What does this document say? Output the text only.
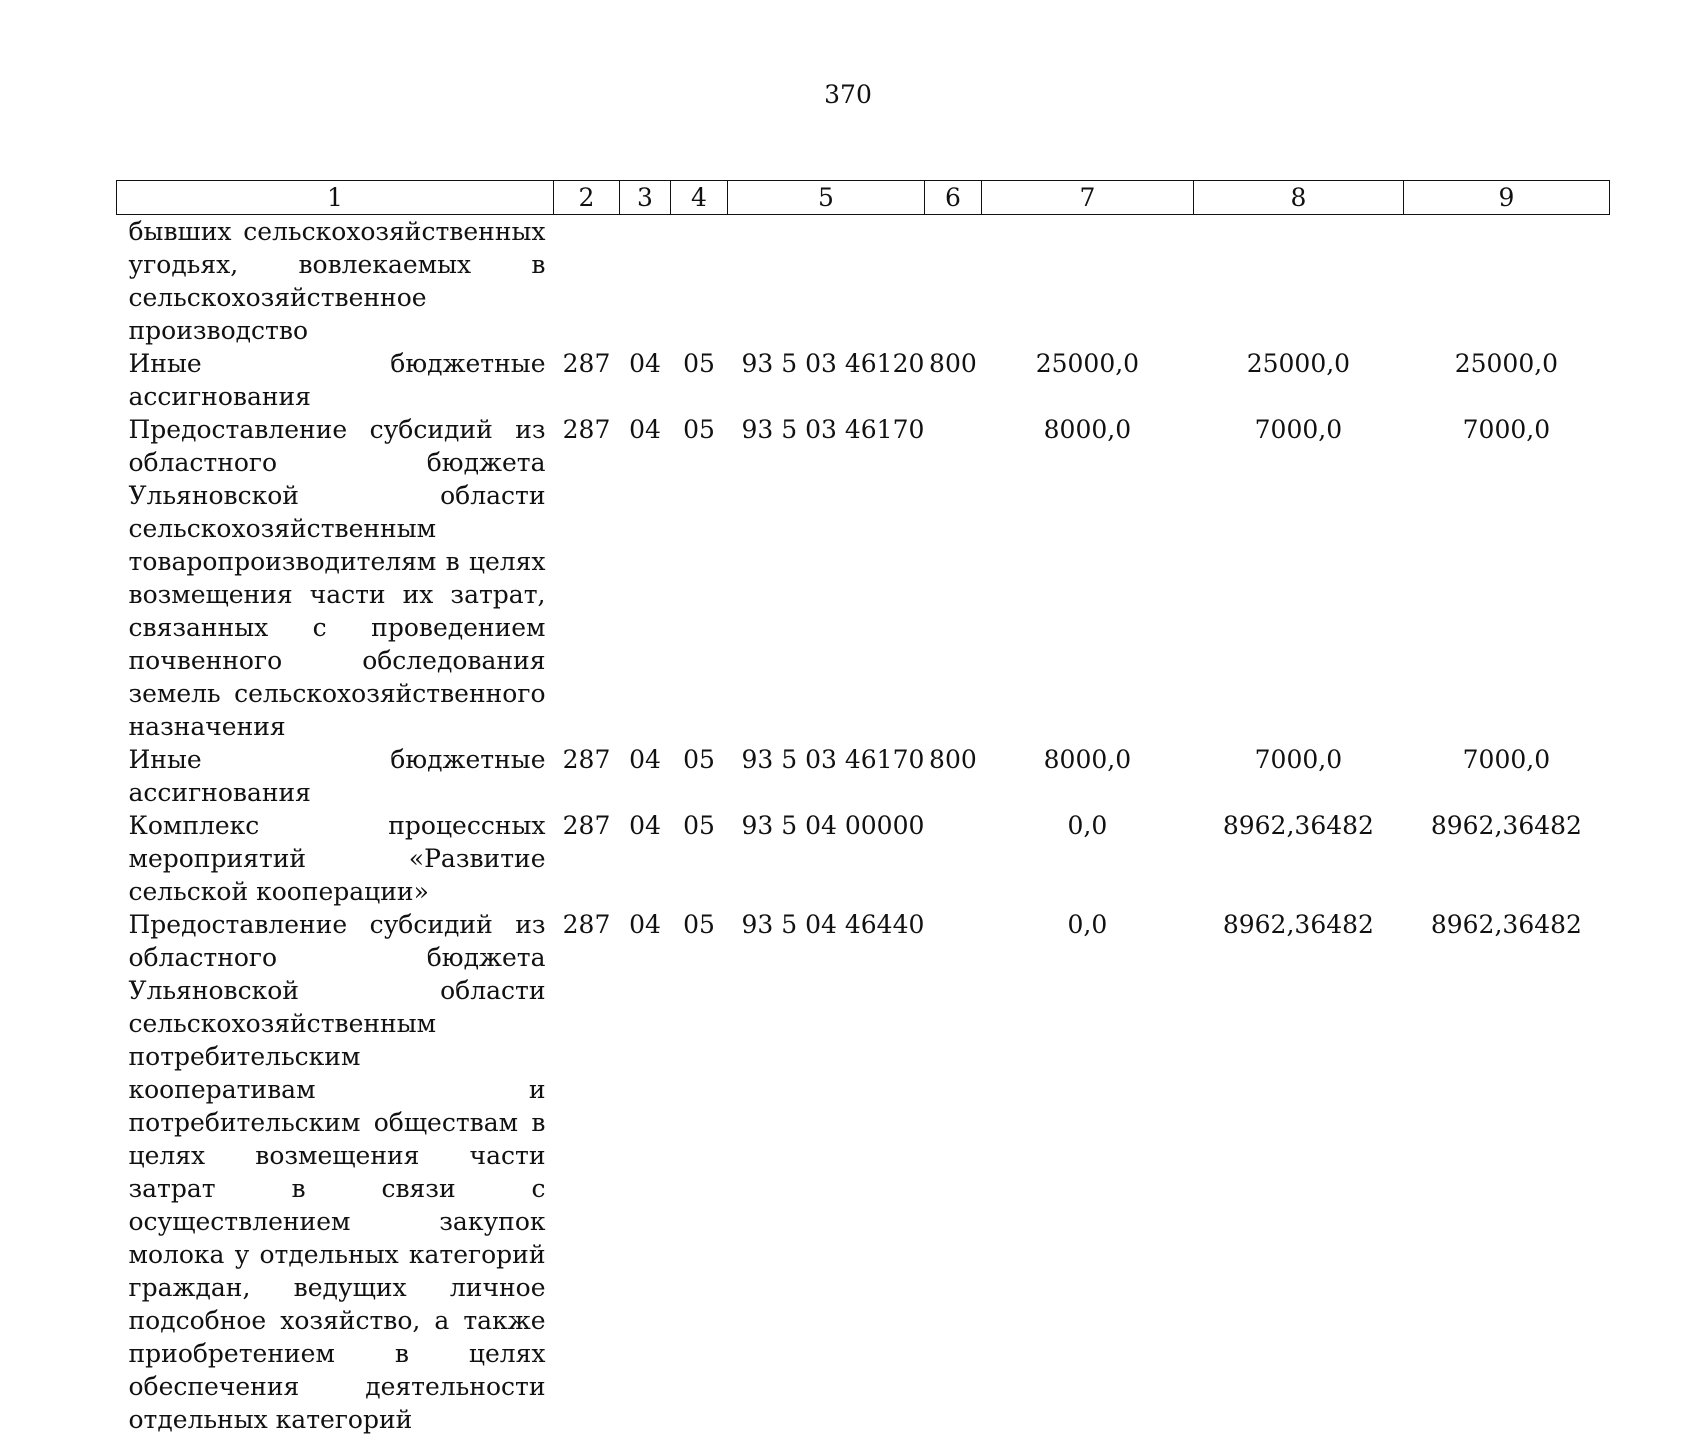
370
1	2	3	4	5	6	7	8	9
бывших сельскохозяйственных угодьях, вовлекаемых в сельскохозяйственное производство								
Иные бюджетные ассигнования	287	04	05	93 5 03 46120	800	25000,0	25000,0	25000,0
Предоставление субсидий из областного бюджета Ульяновской области сельскохозяйственным товаропроизводителям в целях возмещения части их затрат, связанных с проведением почвенного обследования земель сельскохозяйственного назначения	287	04	05	93 5 03 46170		8000,0	7000,0	7000,0
Иные бюджетные ассигнования	287	04	05	93 5 03 46170	800	8000,0	7000,0	7000,0
Комплекс процессных мероприятий «Развитие сельской кооперации»	287	04	05	93 5 04 00000		0,0	8962,36482	8962,36482
Предоставление субсидий из областного бюджета Ульяновской области сельскохозяйственным потребительским кооперативам и потребительским обществам в целях возмещения части затрат в связи с осуществлением закупок молока у отдельных категорий граждан, ведущих личное подсобное хозяйство, а также приобретением в целях обеспечения деятельности отдельных категорий	287	04	05	93 5 04 46440		0,0	8962,36482	8962,36482
